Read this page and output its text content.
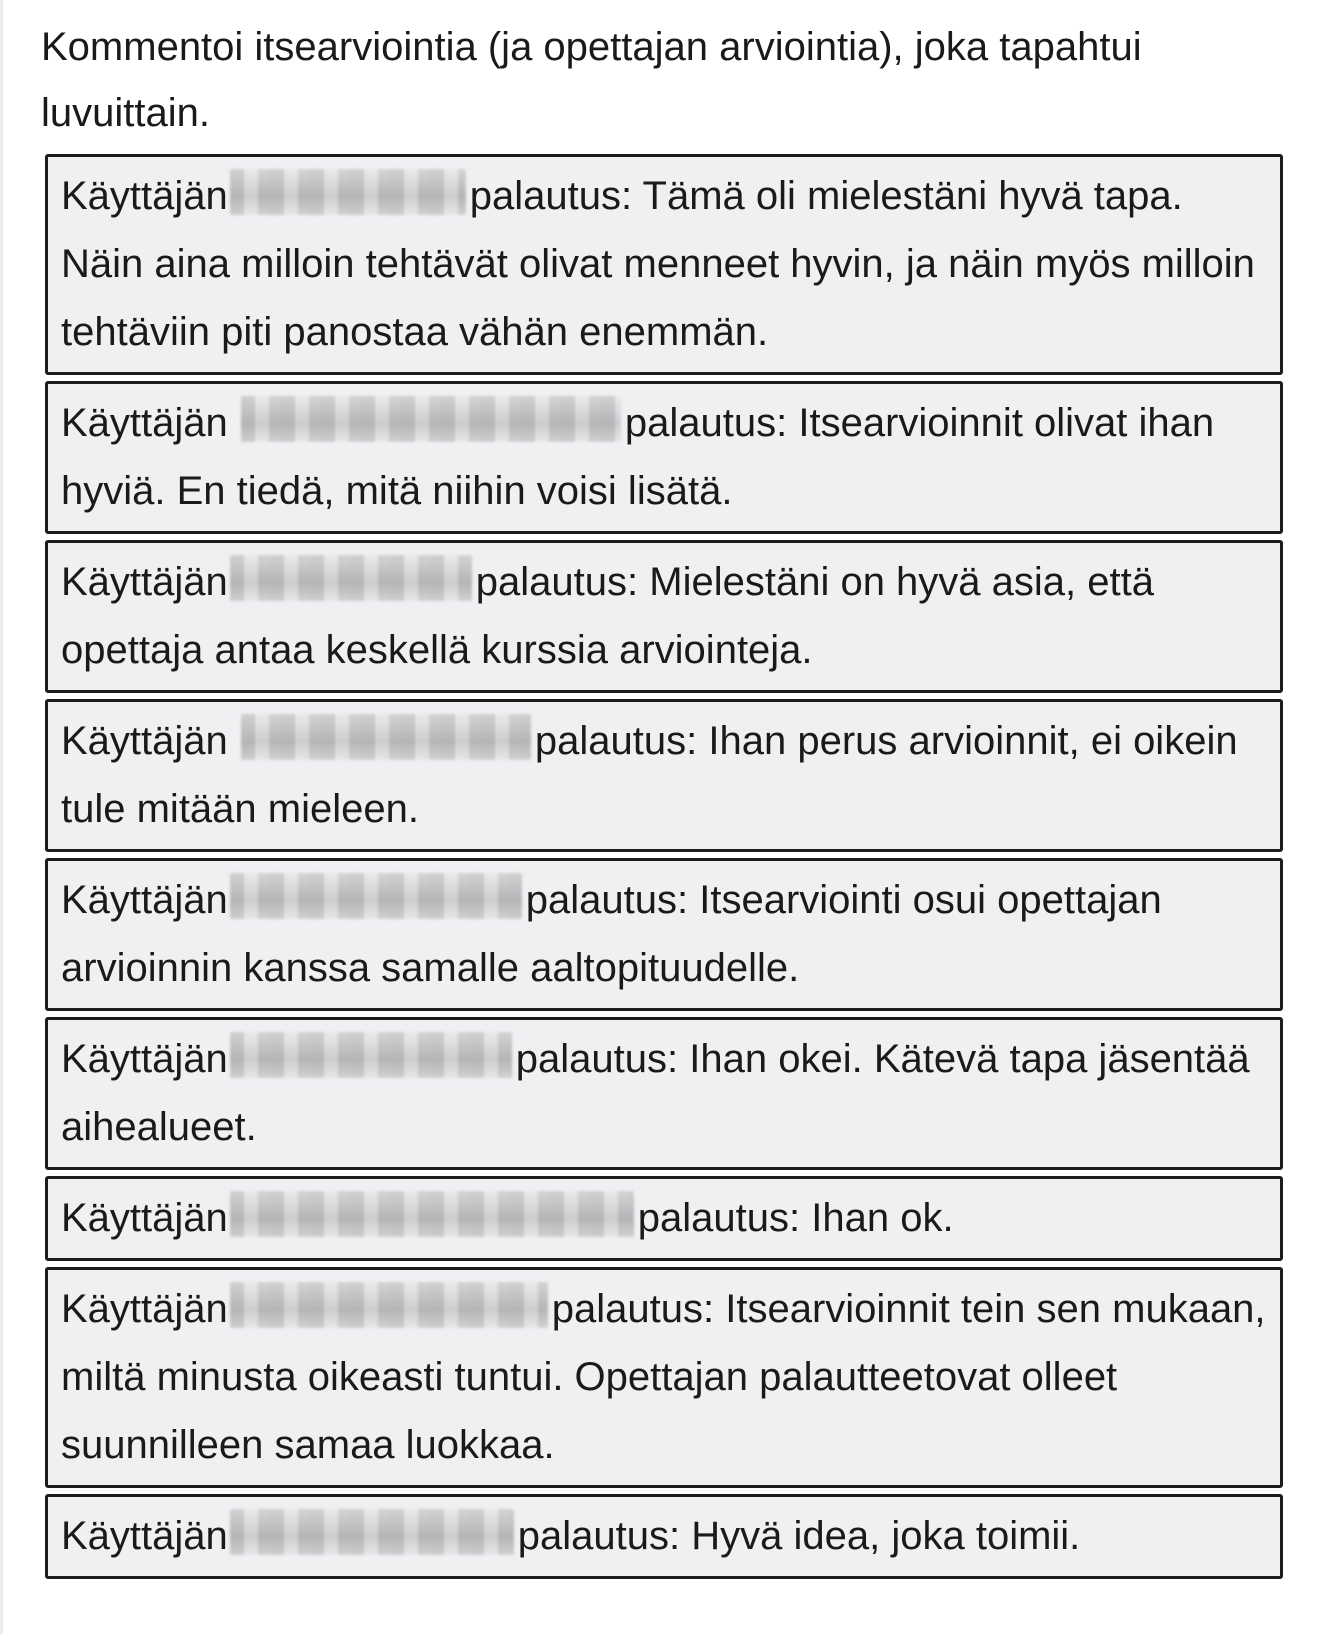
Kommentoi itsearviointia (ja opettajan arviointia), joka tapahtui luvuittain.

Käyttäjän	palautus: Tämä oli mielestäni hyvä tapa. Näin aina milloin tehtävät olivat menneet hyvin, ja näin myös milloin tehtäviin piti panostaa vähän enemmän.
Käyttäjän	palautus: Itsearvioinnit olivat ihan hyviä. En tiedä, mitä niihin voisi lisätä.
Käyttäjän	palautus: Mielestäni on hyvä asia, että opettaja antaa keskellä kurssia arviointeja.
Käyttäjän	palautus: Ihan perus arvioinnit, ei oikein tule mitään mieleen.
Käyttäjän	palautus: Itsearviointi osui opettajan arvioinnin kanssa samalle aaltopituudelle.
Käyttäjän	palautus: Ihan okei. Kätevä tapa jäsentää aihealueet.
Käyttäjän	palautus: Ihan ok.
Käyttäjän	palautus: Itsearvioinnit tein sen mukaan, miltä minusta oikeasti tuntui. Opettajan palautteetovat olleet suunnilleen samaa luokkaa.
Käyttäjän	palautus: Hyvä idea, joka toimii.
